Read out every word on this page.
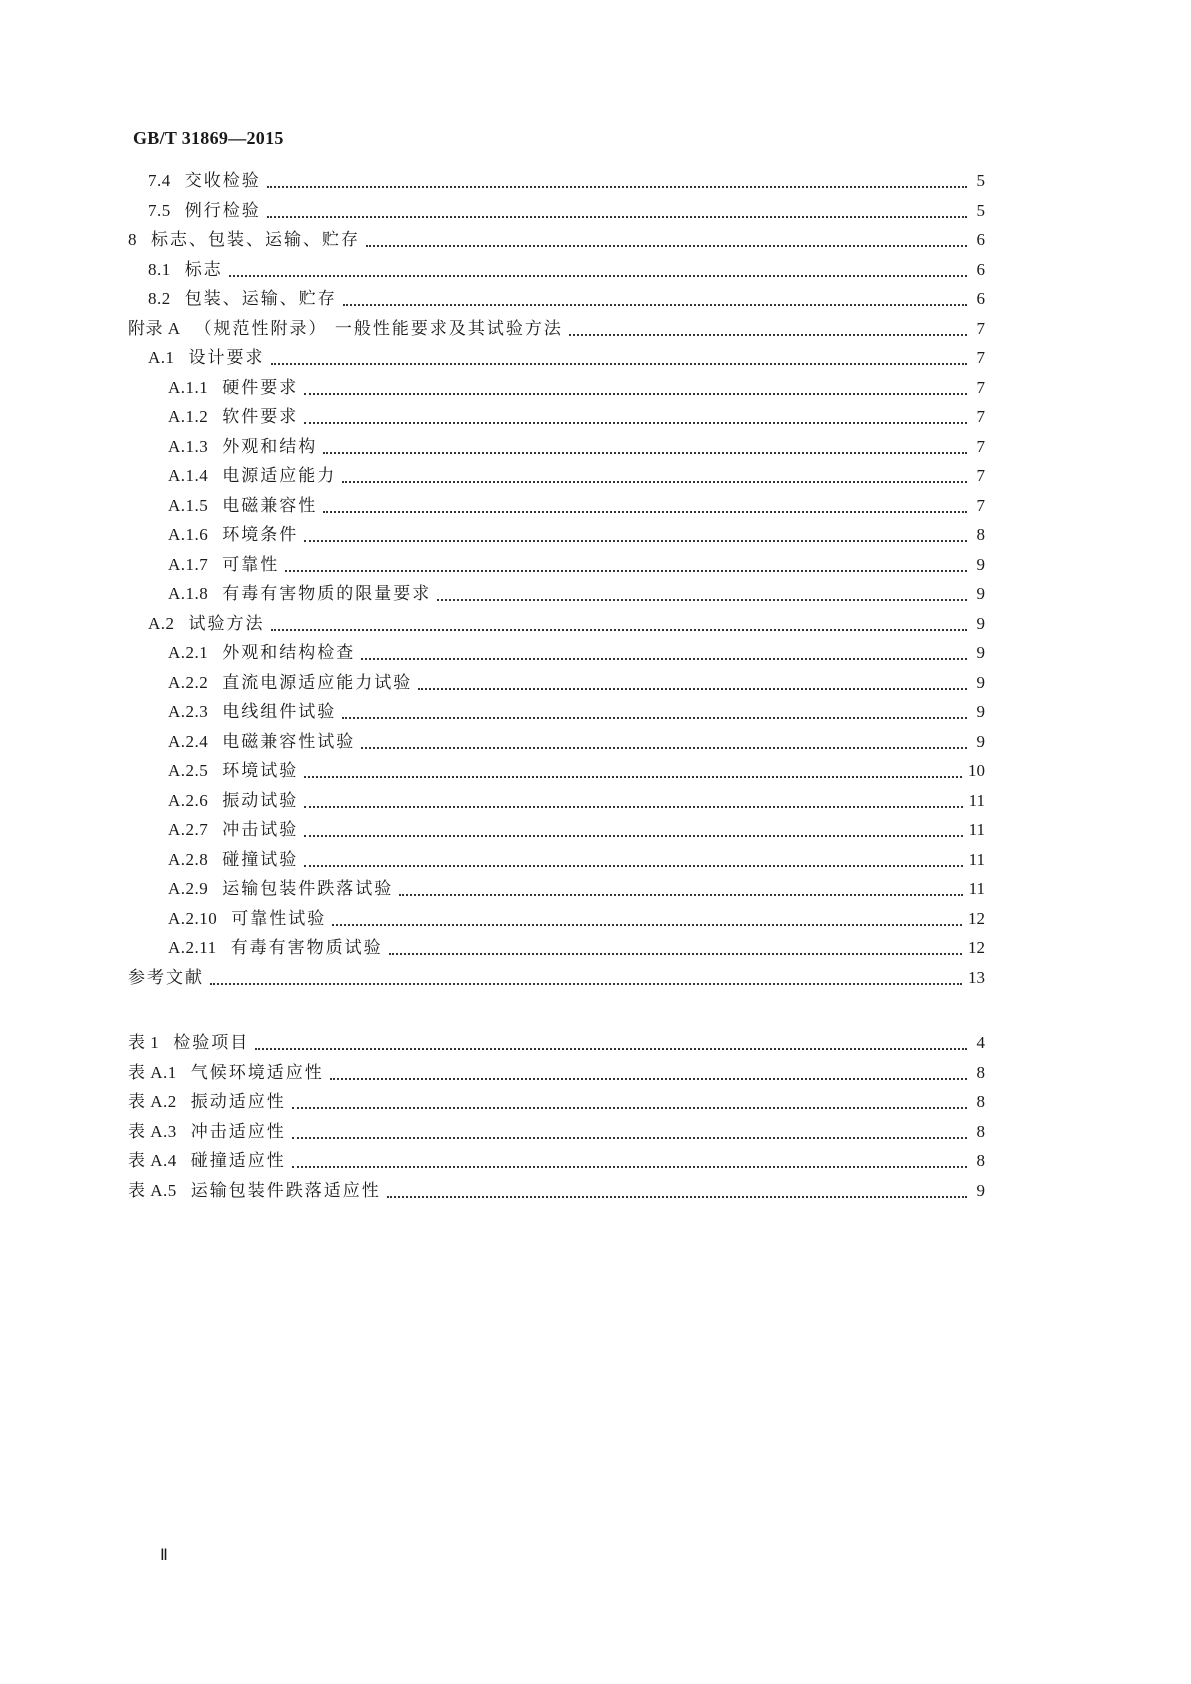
GB/T 31869—2015
7.4 交收检验	5
7.5 例行检验	5
8 标志、包装、运输、贮存	6
8.1 标志	6
8.2 包装、运输、贮存	6
附录 A （规范性附录） 一般性能要求及其试验方法	7
A.1 设计要求	7
A.1.1 硬件要求	7
A.1.2 软件要求	7
A.1.3 外观和结构	7
A.1.4 电源适应能力	7
A.1.5 电磁兼容性	7
A.1.6 环境条件	8
A.1.7 可靠性	9
A.1.8 有毒有害物质的限量要求	9
A.2 试验方法	9
A.2.1 外观和结构检查	9
A.2.2 直流电源适应能力试验	9
A.2.3 电线组件试验	9
A.2.4 电磁兼容性试验	9
A.2.5 环境试验	10
A.2.6 振动试验	11
A.2.7 冲击试验	11
A.2.8 碰撞试验	11
A.2.9 运输包装件跌落试验	11
A.2.10 可靠性试验	12
A.2.11 有毒有害物质试验	12
参考文献	13
表 1 检验项目	4
表 A.1 气候环境适应性	8
表 A.2 振动适应性	8
表 A.3 冲击适应性	8
表 A.4 碰撞适应性	8
表 A.5 运输包装件跌落适应性	9
Ⅱ
